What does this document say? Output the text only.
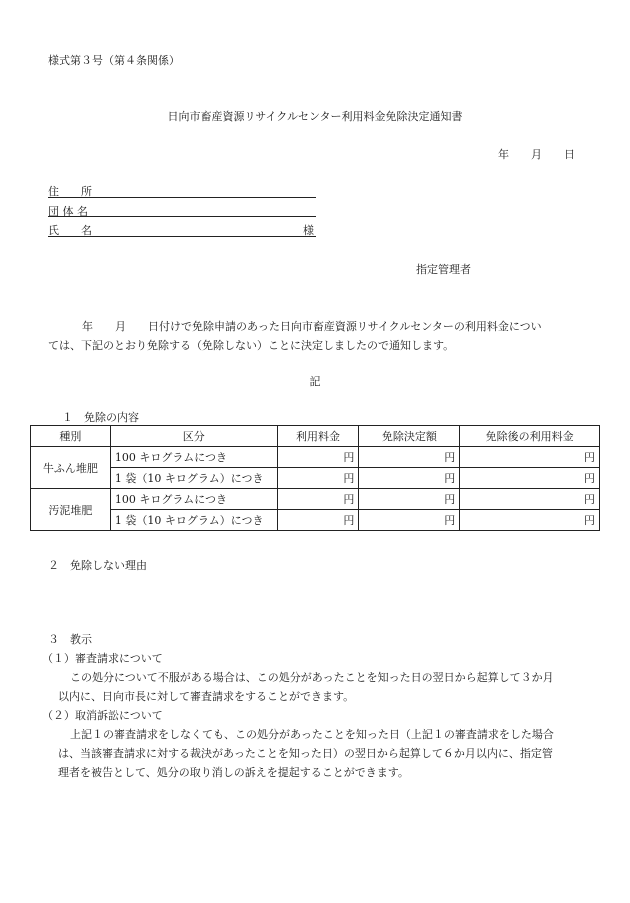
様式第３号（第４条関係）
日向市畜産資源リサイクルセンター利用料金免除決定通知書
年　　月　　日
住　　所
団 体 名
氏　　名	様
指定管理者
年　　月　　日付けで免除申請のあった日向市畜産資源リサイクルセンターの利用料金につい
ては、下記のとおり免除する（免除しない）ことに決定しましたので通知します。
記
１　免除の内容
種別	区分	利用料金	免除決定額	免除後の利用料金
牛ふん堆肥	100 キログラムにつき	円	円	円
	1 袋（10 キログラム）につき	円	円	円
汚泥堆肥	100 キログラムにつき	円	円	円
	1 袋（10 キログラム）につき	円	円	円
２　免除しない理由
３　教示
（１）審査請求について
この処分について不服がある場合は、この処分があったことを知った日の翌日から起算して３か月
以内に、日向市長に対して審査請求をすることができます。
（２）取消訴訟について
上記１の審査請求をしなくても、この処分があったことを知った日（上記１の審査請求をした場合
は、当該審査請求に対する裁決があったことを知った日）の翌日から起算して６か月以内に、指定管
理者を被告として、処分の取り消しの訴えを提起することができます。
